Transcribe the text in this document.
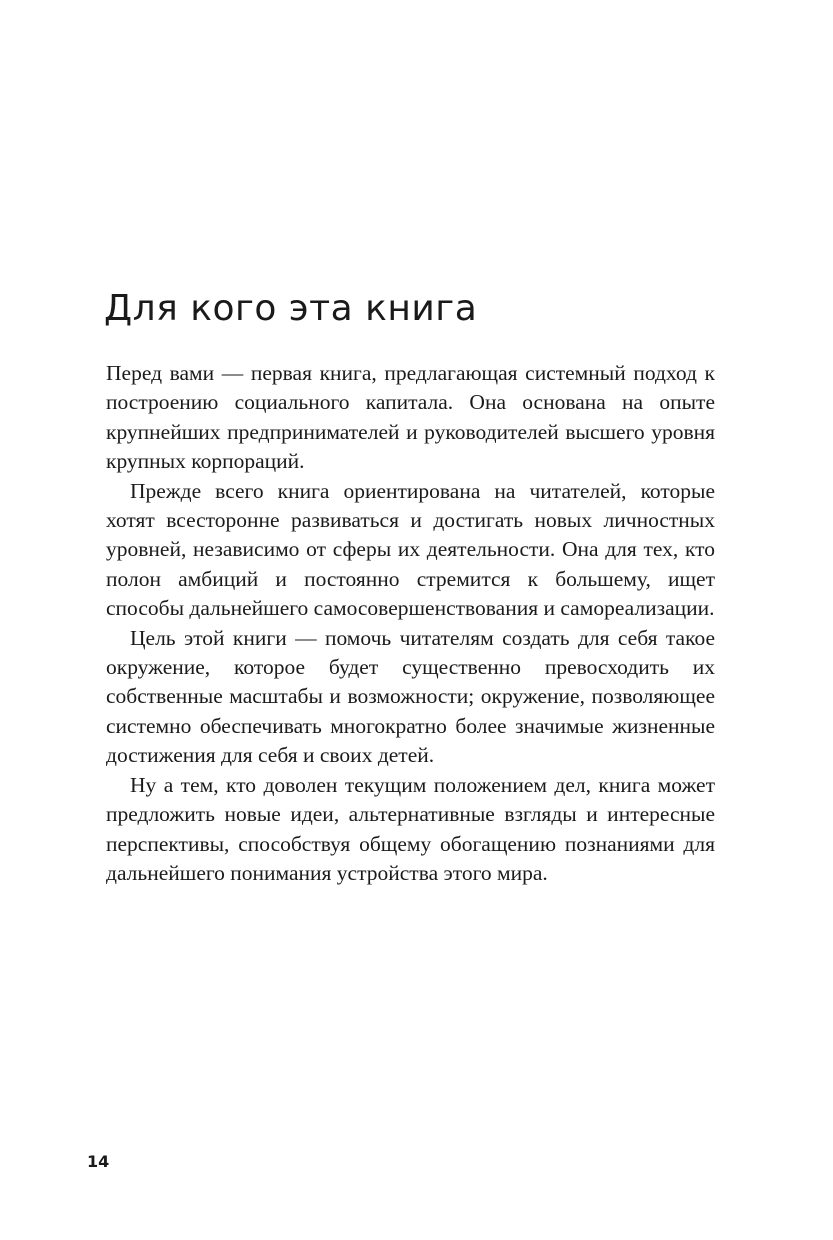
Для кого эта книга

Перед вами — первая книга, предлагающая системный подход к построению социального капитала. Она основана на опыте крупнейших предпринимателей и руководителей высшего уровня крупных корпораций.

Прежде всего книга ориентирована на читателей, которые хотят всесторонне развиваться и достигать новых личностных уровней, независимо от сферы их деятельности. Она для тех, кто полон амбиций и постоянно стремится к большему, ищет способы дальнейшего самосовершенствования и самореализации.

Цель этой книги — помочь читателям создать для себя такое окружение, которое будет существенно превосходить их собственные масштабы и возможности; окружение, позволяющее системно обеспечивать многократно более значимые жизненные достижения для себя и своих детей.

Ну а тем, кто доволен текущим положением дел, книга может предложить новые идеи, альтернативные взгляды и интересные перспективы, способствуя общему обогащению познаниями для дальнейшего понимания устройства этого мира.

14
